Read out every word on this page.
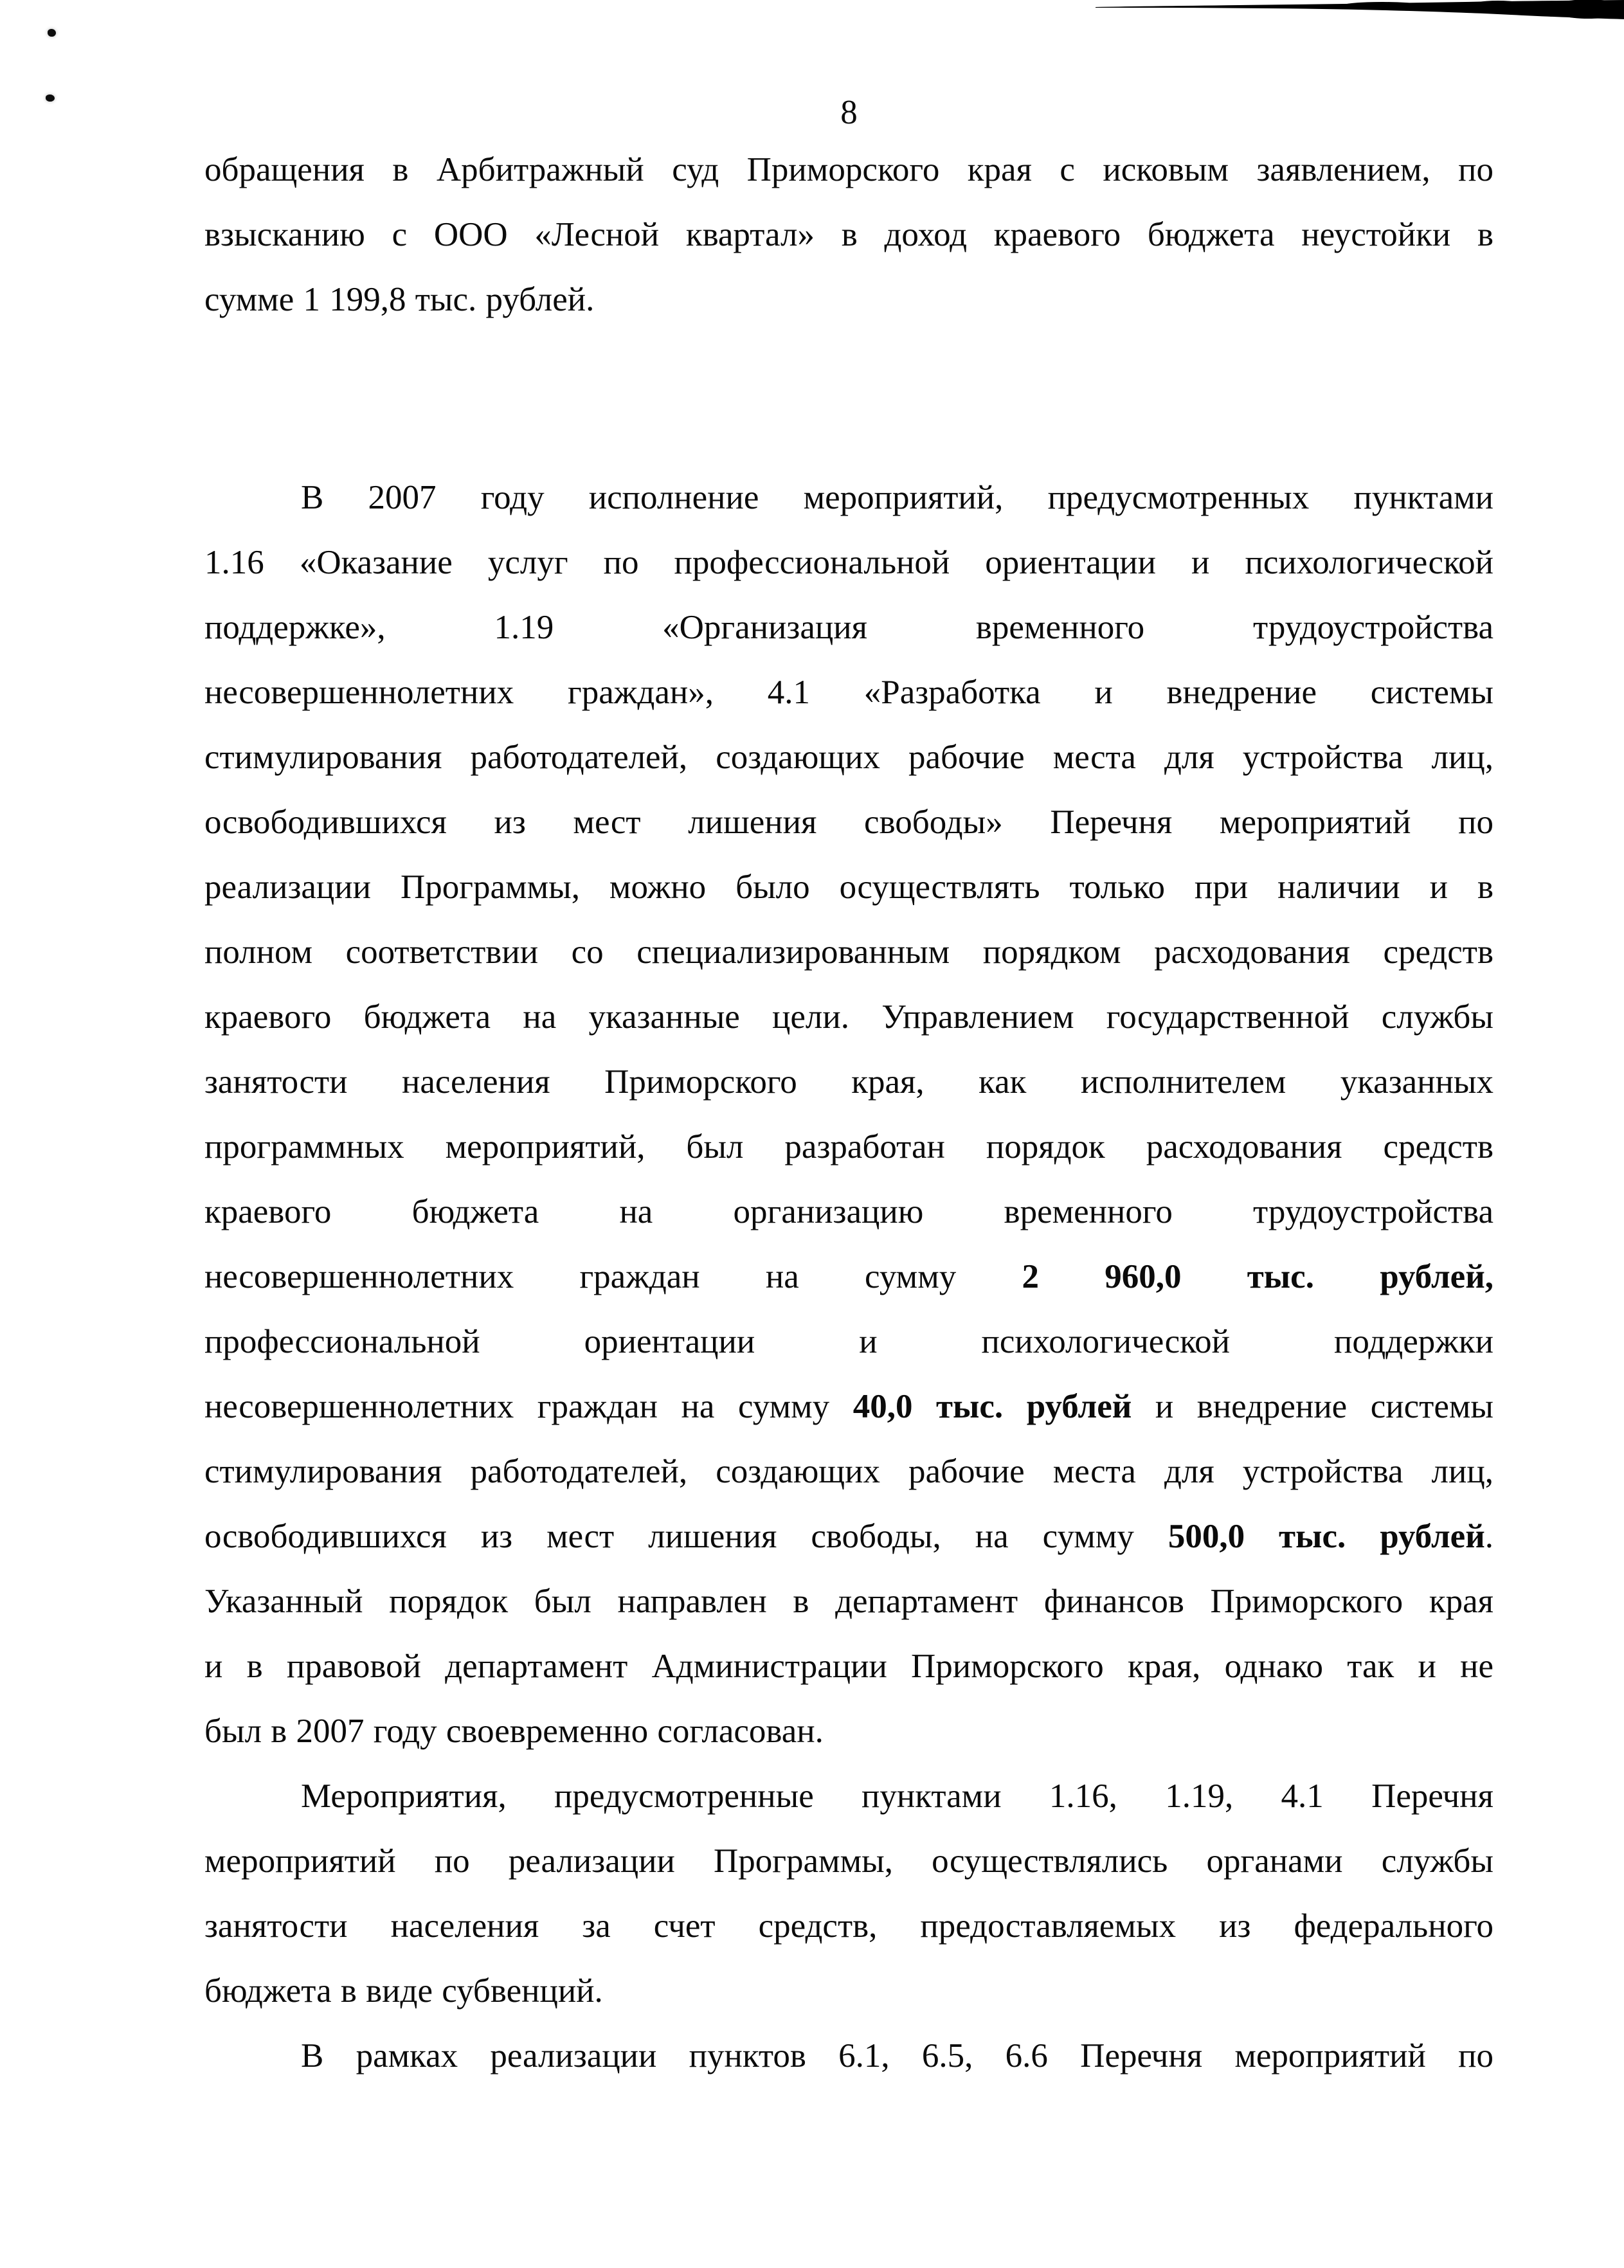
8
обращения в Арбитражный суд Приморского края с исковым заявлением, по
взысканию с ООО «Лесной квартал» в доход краевого бюджета неустойки в
сумме 1 199,8 тыс. рублей.
В 2007 году исполнение мероприятий, предусмотренных пунктами
1.16 «Оказание услуг по профессиональной ориентации и психологической
поддержке», 1.19 «Организация временного трудоустройства
несовершеннолетних граждан», 4.1 «Разработка и внедрение системы
стимулирования работодателей, создающих рабочие места для устройства лиц,
освободившихся из мест лишения свободы» Перечня мероприятий по
реализации Программы, можно было осуществлять только при наличии и в
полном соответствии со специализированным порядком расходования средств
краевого бюджета на указанные цели. Управлением государственной службы
занятости населения Приморского края, как исполнителем указанных
программных мероприятий, был разработан порядок расходования средств
краевого бюджета на организацию временного трудоустройства
несовершеннолетних граждан на сумму 2 960,0 тыс. рублей,
профессиональной ориентации и психологической поддержки
несовершеннолетних граждан на сумму 40,0 тыс. рублей и внедрение системы
стимулирования работодателей, создающих рабочие места для устройства лиц,
освободившихся из мест лишения свободы, на сумму 500,0 тыс. рублей.
Указанный порядок был направлен в департамент финансов Приморского края
и в правовой департамент Администрации Приморского края, однако так и не
был в 2007 году своевременно согласован.
Мероприятия, предусмотренные пунктами 1.16, 1.19, 4.1 Перечня
мероприятий по реализации Программы, осуществлялись органами службы
занятости населения за счет средств, предоставляемых из федерального
бюджета в виде субвенций.
В рамках реализации пунктов 6.1, 6.5, 6.6 Перечня мероприятий по
